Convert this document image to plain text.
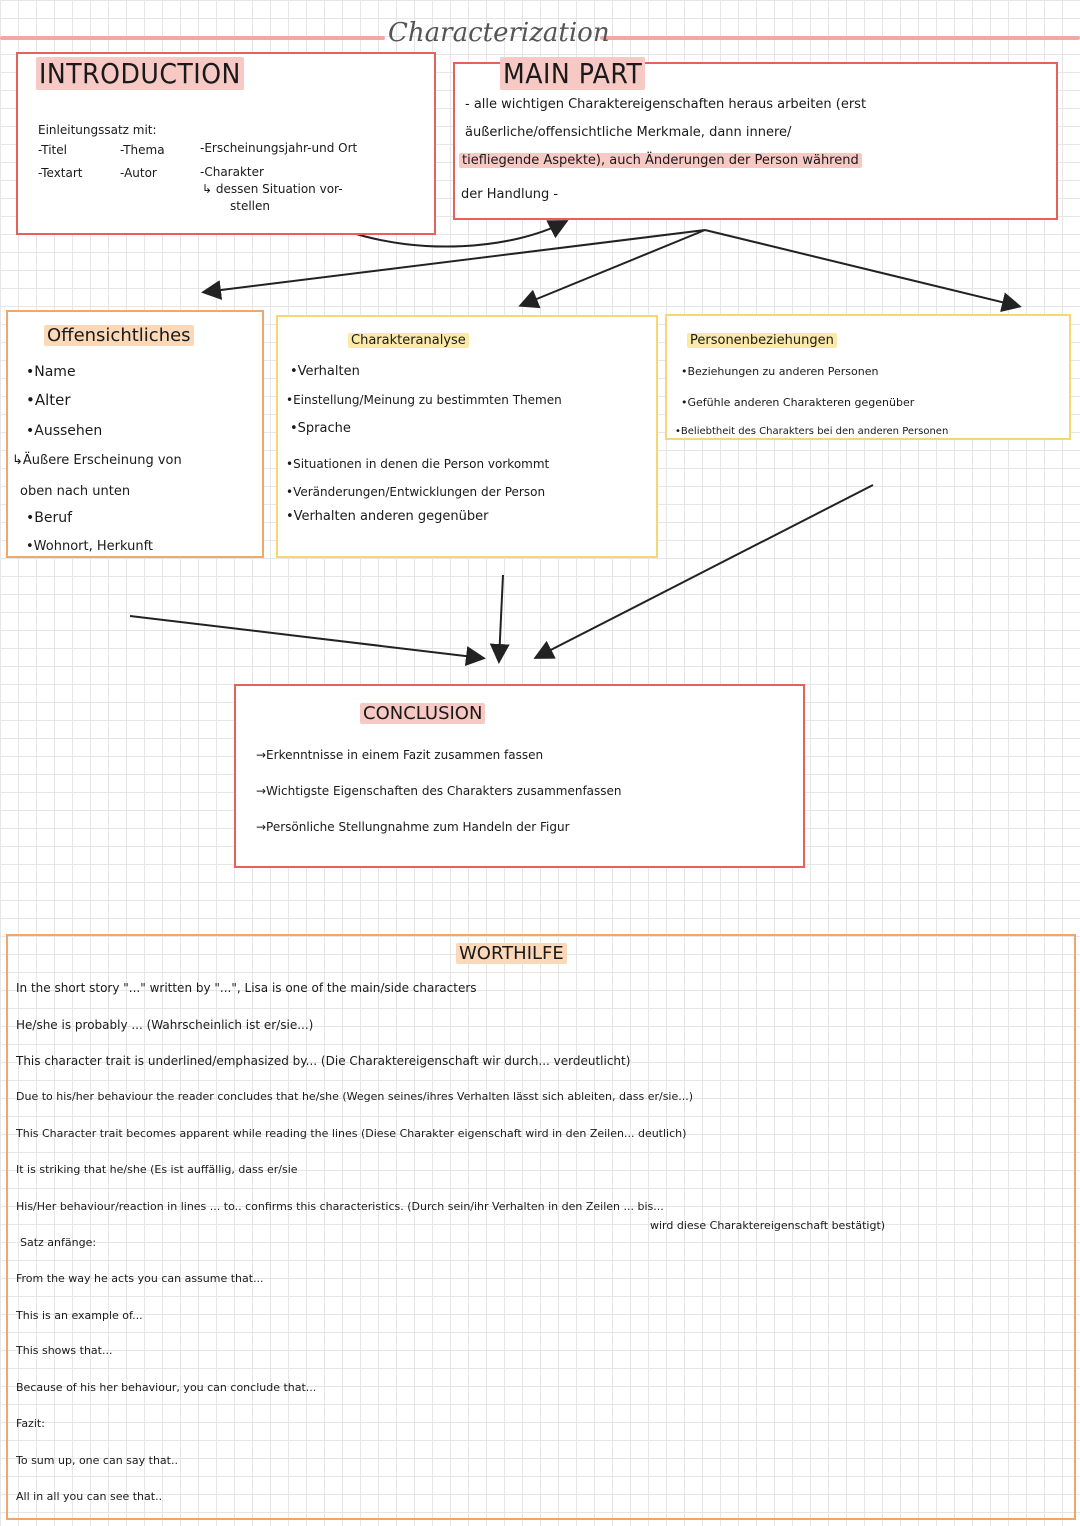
Characterization
INTRODUCTION
Einleitungssatz mit:
-Titel	-Thema	-Erscheinungsjahr-und Ort
-Textart	-Autor	-Charakter
↳ dessen Situation vor-
stellen
MAIN PART
- alle wichtigen Charaktereigenschaften heraus arbeiten (erst
äußerliche/offensichtliche Merkmale, dann innere/
tiefliegende Aspekte), auch Änderungen der Person während
der Handlung -
Offensichtliches
•Name
•Alter
•Aussehen
↳Äußere Erscheinung von
oben nach unten
•Beruf
•Wohnort, Herkunft
Charakteranalyse
•Verhalten
•Einstellung/Meinung zu bestimmten Themen
•Sprache
•Situationen in denen die Person vorkommt
•Veränderungen/Entwicklungen der Person
•Verhalten anderen gegenüber
Personenbeziehungen
•Beziehungen zu anderen Personen
•Gefühle anderen Charakteren gegenüber
•Beliebtheit des Charakters bei den anderen Personen
CONCLUSION
→Erkenntnisse in einem Fazit zusammen fassen
→Wichtigste Eigenschaften des Charakters zusammenfassen
→Persönliche Stellungnahme zum Handeln der Figur
WORTHILFE
In the short story "..." written by "...", Lisa is one of the main/side characters
He/she is probably ... (Wahrscheinlich ist er/sie...)
This character trait is underlined/emphasized by... (Die Charaktereigenschaft wir durch... verdeutlicht)
Due to his/her behaviour the reader concludes that he/she (Wegen seines/ihres Verhalten lässt sich ableiten, dass er/sie...)
This Character trait becomes apparent while reading the lines (Diese Charakter eigenschaft wird in den Zeilen... deutlich)
It is striking that he/she (Es ist auffällig, dass er/sie
His/Her behaviour/reaction in lines ... to.. confirms this characteristics. (Durch sein/ihr Verhalten in den Zeilen ... bis...
wird diese Charaktereigenschaft bestätigt)
Satz anfänge:
From the way he acts you can assume that...
This is an example of...
This shows that...
Because of his her behaviour, you can conclude that...
Fazit:
To sum up, one can say that..
All in all you can see that..
